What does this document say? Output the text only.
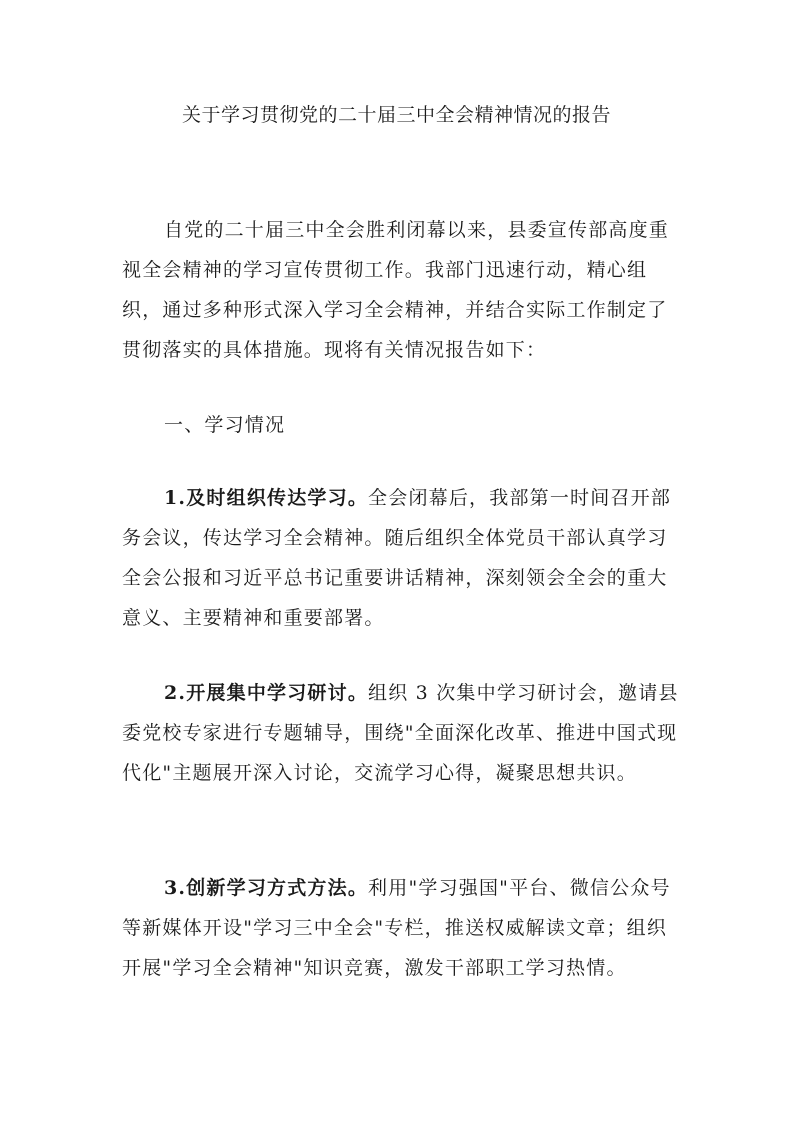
关于学习贯彻党的二十届三中全会精神情况的报告

自党的二十届三中全会胜利闭幕以来，县委宣传部高度重视全会精神的学习宣传贯彻工作。我部门迅速行动，精心组织，通过多种形式深入学习全会精神，并结合实际工作制定了贯彻落实的具体措施。现将有关情况报告如下：

一、学习情况

1.及时组织传达学习。全会闭幕后，我部第一时间召开部务会议，传达学习全会精神。随后组织全体党员干部认真学习全会公报和习近平总书记重要讲话精神，深刻领会全会的重大意义、主要精神和重要部署。

2.开展集中学习研讨。组织 3 次集中学习研讨会，邀请县委党校专家进行专题辅导，围绕"全面深化改革、推进中国式现代化"主题展开深入讨论，交流学习心得，凝聚思想共识。

3.创新学习方式方法。利用"学习强国"平台、微信公众号等新媒体开设"学习三中全会"专栏，推送权威解读文章；组织开展"学习全会精神"知识竞赛，激发干部职工学习热情。
